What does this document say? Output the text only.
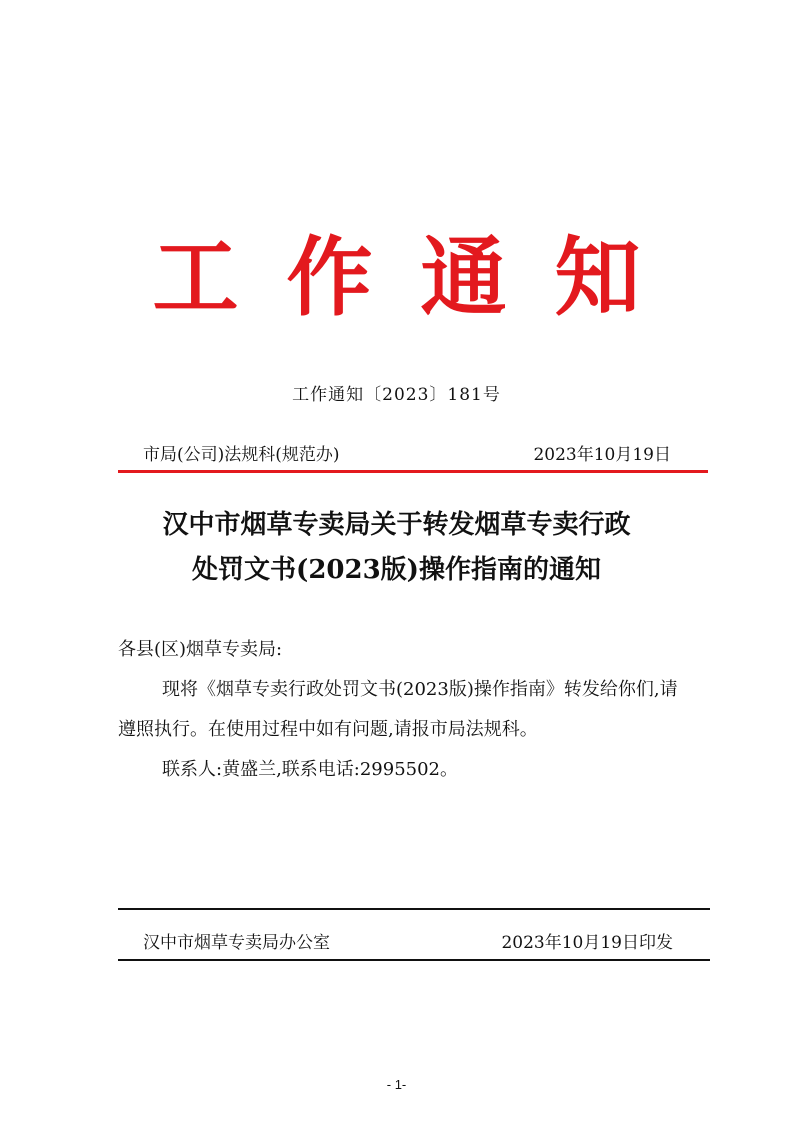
工作通知
工作通知〔2023〕181号
市局(公司)法规科(规范办)	2023年10月19日
汉中市烟草专卖局关于转发烟草专卖行政
处罚文书(2023版)操作指南的通知

各县(区)烟草专卖局:

现将《烟草专卖行政处罚文书(2023版)操作指南》转发给你们,请遵照执行。在使用过程中如有问题,请报市局法规科。

联系人:黄盛兰,联系电话:2995502。

汉中市烟草专卖局办公室	2023年10月19日印发
- 1-
